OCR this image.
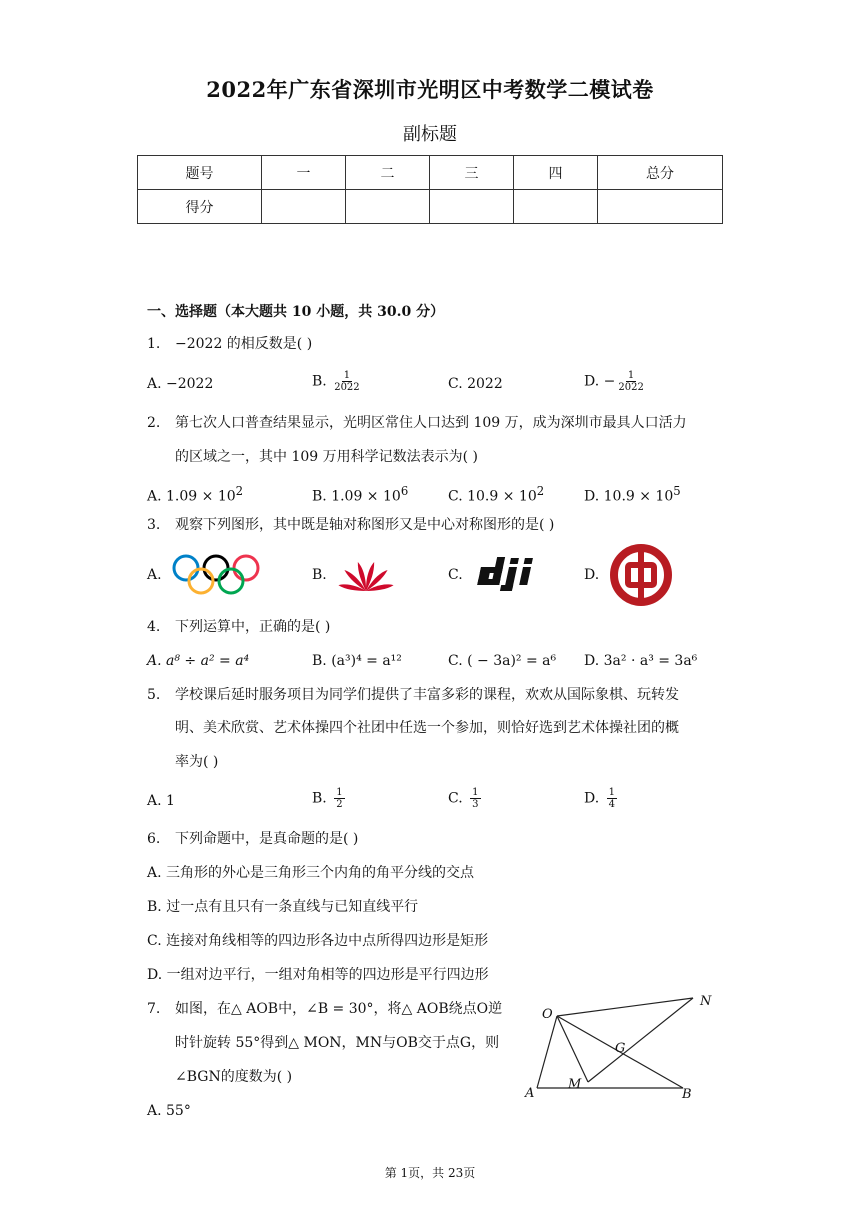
2022年广东省深圳市光明区中考数学二模试卷
副标题
题号	一	二	三	四	总分
得分					
一、选择题（本大题共 10 小题，共 30.0 分）
1. −2022 的相反数是( )
A. −2022	B. $\frac{1}{2022}$	C. 2022	D. − $\frac{1}{2022}$
2. 第七次人口普查结果显示，光明区常住人口达到 109 万，成为深圳市最具人口活力
的区域之一，其中 109 万用科学记数法表示为( )
A. $1.09 \times 10^2$	B. $1.09 \times 10^6$	C. $10.9 \times 10^2$	D. $10.9 \times 10^5$
3. 观察下列图形，其中既是轴对称图形又是中心对称图形的是( )
A.	B.	C.	D.
4. 下列运算中，正确的是( )
A. a⁸ ÷ a² = a⁴	B. (a³)⁴ = a¹²	C. ( − 3a)² = a⁶ D. 3a² · a³ = 3a⁶
5. 学校课后延时服务项目为同学们提供了丰富多彩的课程，欢欢从国际象棋、玩转发
明、美术欣赏、艺术体操四个社团中任选一个参加，则恰好选到艺术体操社团的概
率为( )
A. 1	B. $\frac{1}{2}$	C. $\frac{1}{3}$	D. $\frac{1}{4}$
6. 下列命题中，是真命题的是( )
A. 三角形的外心是三角形三个内角的角平分线的交点
B. 过一点有且只有一条直线与已知直线平行
C. 连接对角线相等的四边形各边中点所得四边形是矩形
D. 一组对边平行，一组对角相等的四边形是平行四边形
7. 如图，在△ AOB中，∠B = 30°，将△ AOB绕点O逆
时针旋转 55°得到△ MON，MN与OB交于点G，则
∠BGN的度数为( )
A. 55°
O
N
G
M
A	B
第 1页，共 23页
